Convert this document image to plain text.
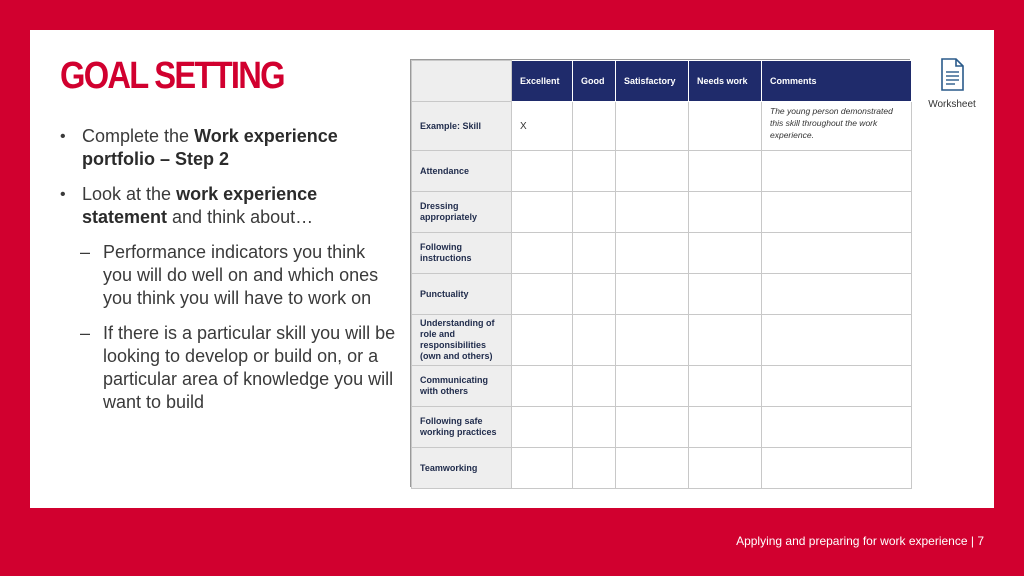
GOAL SETTING
• Complete the Work experience portfolio – Step 2
• Look at the work experience statement and think about…
– Performance indicators you think you will do well on and which ones you think you will have to work on
– If there is a particular skill you will be looking to develop or build on, or a particular area of knowledge you will want to build
	Excellent	Good	Satisfactory	Needs work	Comments
Example: Skill	X				The young person demonstrated this skill throughout the work experience.
Attendance					
Dressing appropriately					
Following instructions					
Punctuality					
Understanding of role and responsibilities (own and others)					
Communicating with others					
Following safe working practices					
Teamworking					
Worksheet
Applying and preparing for work experience | 7
